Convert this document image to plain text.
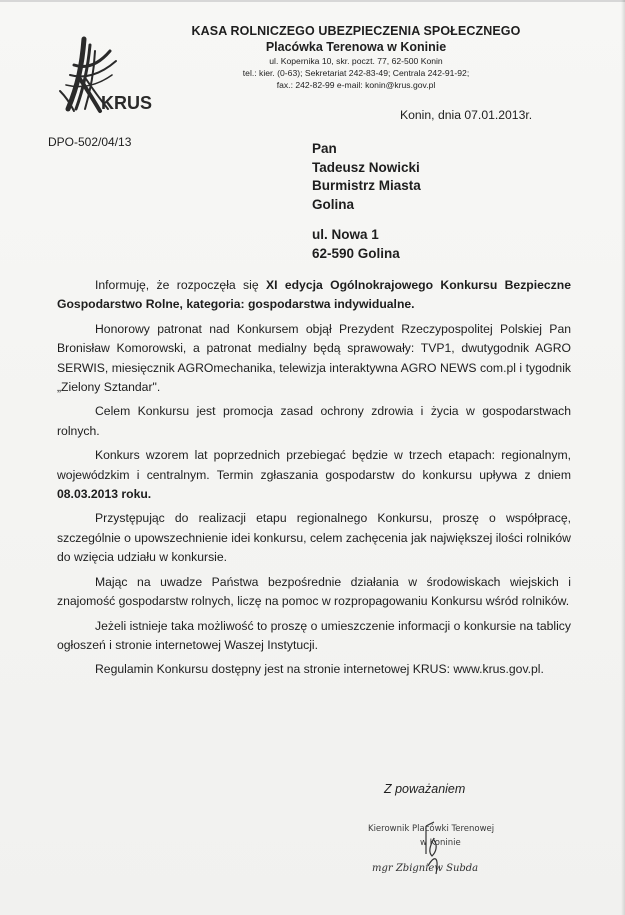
KRUS
KASA ROLNICZEGO UBEZPIECZENIA SPOŁECZNEGO
Placówka Terenowa w Koninie
ul. Kopernika 10, skr. poczt. 77, 62-500 Konin
tel.: kier. (0-63); Sekretariat 242-83-49; Centrala 242-91-92;
fax.: 242-82-99 e-mail: konin@krus.gov.pl
Konin, dnia 07.01.2013r.
DPO-502/04/13	Pan
Tadeusz Nowicki
Burmistrz Miasta
Golina
ul. Nowa 1
62-590 Golina

Informuję, że rozpoczęła się XI edycja Ogólnokrajowego Konkursu Bezpieczne Gospodarstwo Rolne, kategoria: gospodarstwa indywidualne.

Honorowy patronat nad Konkursem objął Prezydent Rzeczypospolitej Polskiej Pan Bronisław Komorowski, a patronat medialny będą sprawowały: TVP1, dwutygodnik AGRO SERWIS, miesięcznik AGROmechanika, telewizja interaktywna AGRO NEWS com.pl i tygodnik „Zielony Sztandar".

Celem Konkursu jest promocja zasad ochrony zdrowia i życia w gospodarstwach rolnych.

Konkurs wzorem lat poprzednich przebiegać będzie w trzech etapach: regionalnym, wojewódzkim i centralnym. Termin zgłaszania gospodarstw do konkursu upływa z dniem 08.03.2013 roku.

Przystępując do realizacji etapu regionalnego Konkursu, proszę o współpracę, szczególnie o upowszechnienie idei konkursu, celem zachęcenia jak największej ilości rolników do wzięcia udziału w konkursie.

Mając na uwadze Państwa bezpośrednie działania w środowiskach wiejskich i znajomość gospodarstw rolnych, liczę na pomoc w rozpropagowaniu Konkursu wśród rolników.

Jeżeli istnieje taka możliwość to proszę o umieszczenie informacji o konkursie na tablicy ogłoszeń i stronie internetowej Waszej Instytucji.

Regulamin Konkursu dostępny jest na stronie internetowej KRUS: www.krus.gov.pl.

Z poważaniem
Kierownik Placówki Terenowej
w Koninie
mgr Zbigniew Subda
